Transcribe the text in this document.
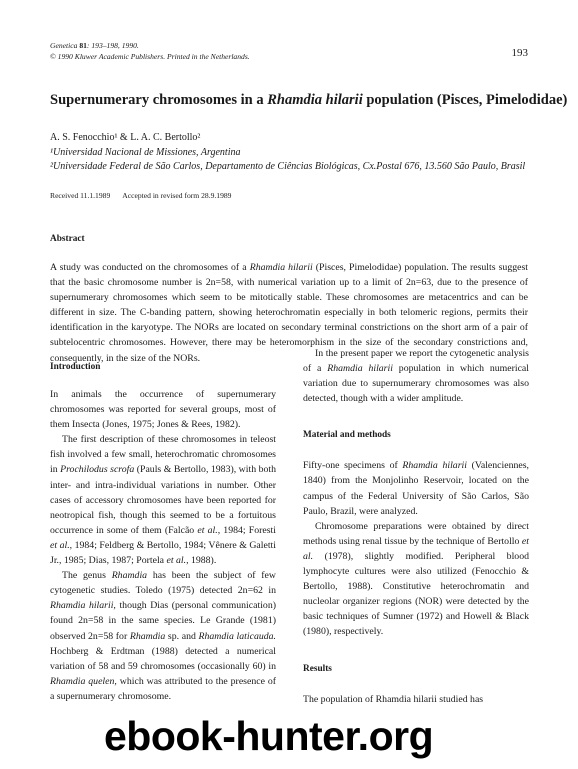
Genetica 81: 193–198, 1990.
© 1990 Kluwer Academic Publishers. Printed in the Netherlands.	193
Supernumerary chromosomes in a Rhamdia hilarii population (Pisces, Pimelodidae)
A. S. Fenocchio¹ & L. A. C. Bertollo²
¹Universidad Nacional de Missiones, Argentina
²Universidade Federal de São Carlos, Departamento de Ciências Biológicas, Cx.Postal 676, 13.560 São Paulo, Brasil
Received 11.1.1989 Accepted in revised form 28.9.1989
Abstract

A study was conducted on the chromosomes of a Rhamdia hilarii (Pisces, Pimelodidae) population. The results suggest that the basic chromosome number is 2n=58, with numerical variation up to a limit of 2n=63, due to the presence of supernumerary chromosomes which seem to be mitotically stable. These chromosomes are metacentrics and can be different in size. The C-banding pattern, showing heterochromatin especially in both telomeric regions, permits their identification in the karyotype. The NORs are located on secondary terminal constrictions on the short arm of a pair of subtelocentric chromosomes. However, there may be heteromorphism in the size of the secondary constrictions and, consequently, in the size of the NORs.

Introduction

In animals the occurrence of supernumerary chromosomes was reported for several groups, most of them Insecta (Jones, 1975; Jones & Rees, 1982).

The first description of these chromosomes in teleost fish involved a few small, heterochromatic chromosomes in Prochilodus scrofa (Pauls & Bertollo, 1983), with both inter- and intra-individual variations in number. Other cases of accessory chromosomes have been reported for neotropical fish, though this seemed to be a fortuitous occurrence in some of them (Falcão et al., 1984; Foresti et al., 1984; Feldberg & Bertollo, 1984; Vênere & Galetti Jr., 1985; Dias, 1987; Portela et al., 1988).

The genus Rhamdia has been the subject of few cytogenetic studies. Toledo (1975) detected 2n=62 in Rhamdia hilarii, though Dias (personal communication) found 2n=58 in the same species. Le Grande (1981) observed 2n=58 for Rhamdia sp. and Rhamdia laticauda. Hochberg & Erdtman (1988) detected a numerical variation of 58 and 59 chromosomes (occasionally 60) in Rhamdia quelen, which was attributed to the presence of a supernumerary chromosome.

In the present paper we report the cytogenetic analysis of a Rhamdia hilarii population in which numerical variation due to supernumerary chromosomes was also detected, though with a wider amplitude.

Material and methods

Fifty-one specimens of Rhamdia hilarii (Valenciennes, 1840) from the Monjolinho Reservoir, located on the campus of the Federal University of São Carlos, São Paulo, Brazil, were analyzed.

Chromosome preparations were obtained by direct methods using renal tissue by the technique of Bertollo et al. (1978), slightly modified. Peripheral blood lymphocyte cultures were also utilized (Fenocchio & Bertollo, 1988). Constitutive heterochromatin and nucleolar organizer regions (NOR) were detected by the basic techniques of Sumner (1972) and Howell & Black (1980), respectively.

Results

The population of Rhamdia hilarii studied has

ebook-hunter.org
